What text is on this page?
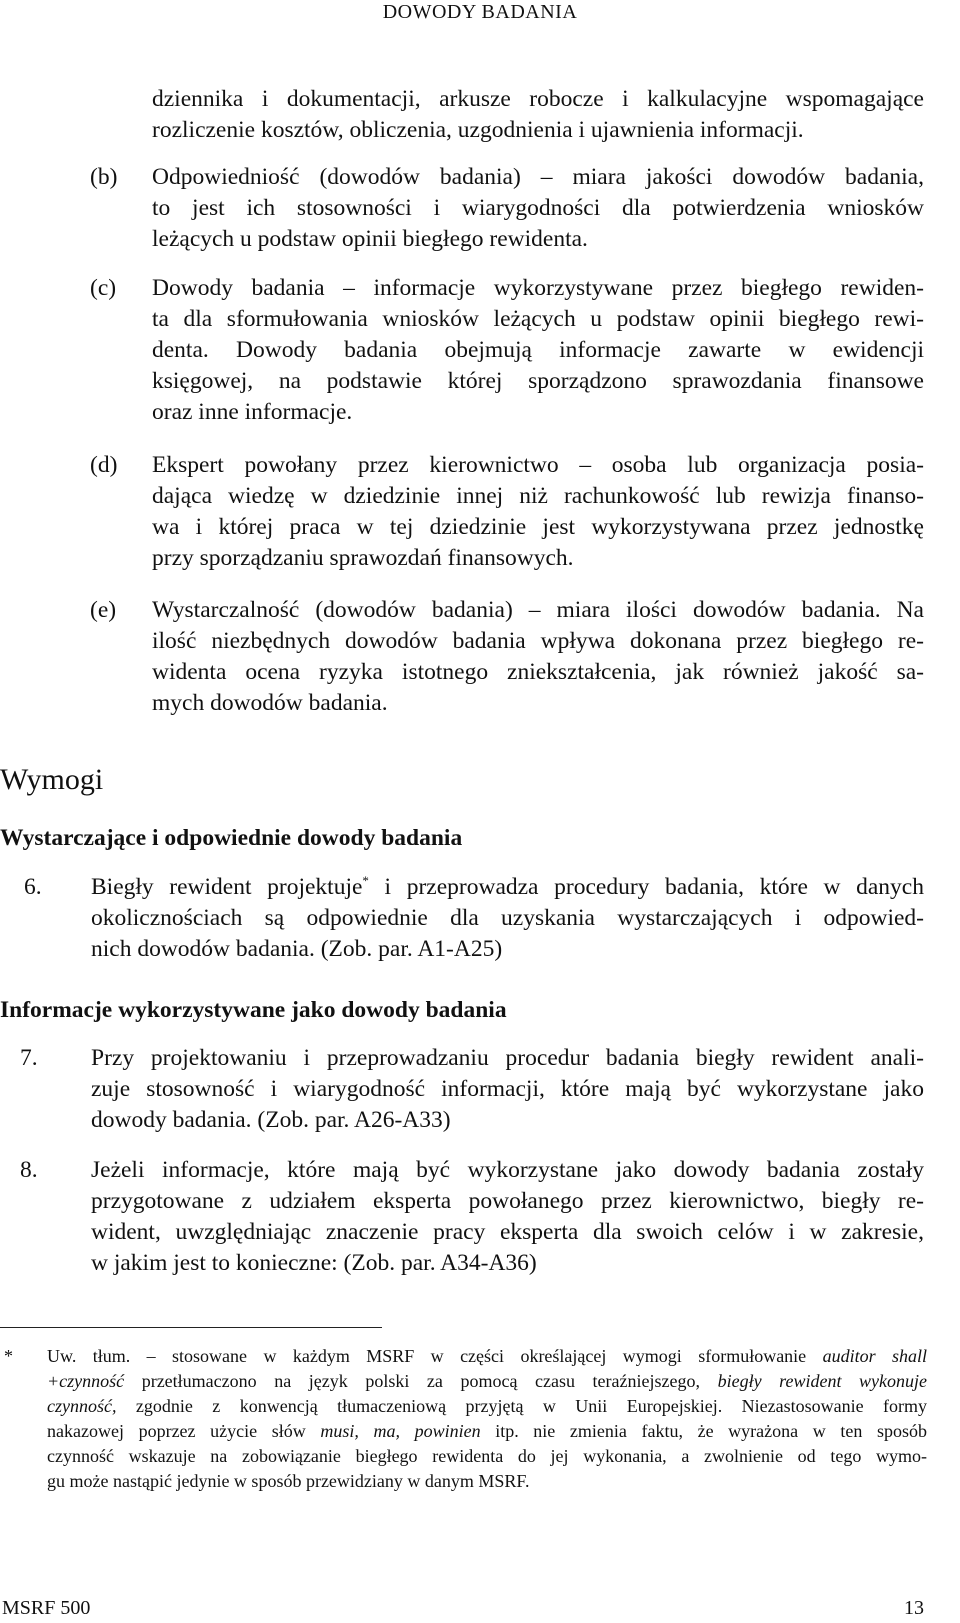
DOWODY BADANIA
dziennika i dokumentacji, arkusze robocze i kalkulacyjne wspomagające
rozliczenie kosztów, obliczenia, uzgodnienia i ujawnienia informacji.
(b) Odpowiedniość (dowodów badania) – miara jakości dowodów badania,
to jest ich stosowności i wiarygodności dla potwierdzenia wniosków
leżących u podstaw opinii biegłego rewidenta.
(c) Dowody badania – informacje wykorzystywane przez biegłego rewiden-
ta dla sformułowania wniosków leżących u podstaw opinii biegłego rewi-
denta. Dowody badania obejmują informacje zawarte w ewidencji
księgowej, na podstawie której sporządzono sprawozdania finansowe
oraz inne informacje.
(d) Ekspert powołany przez kierownictwo – osoba lub organizacja posia-
dająca wiedzę w dziedzinie innej niż rachunkowość lub rewizja finanso-
wa i której praca w tej dziedzinie jest wykorzystywana przez jednostkę
przy sporządzaniu sprawozdań finansowych.
(e) Wystarczalność (dowodów badania) – miara ilości dowodów badania. Na
ilość niezbędnych dowodów badania wpływa dokonana przez biegłego re-
widenta ocena ryzyka istotnego zniekształcenia, jak również jakość sa-
mych dowodów badania.
Wymogi
Wystarczające i odpowiednie dowody badania
6. Biegły rewident projektuje* i przeprowadza procedury badania, które w danych
okolicznościach są odpowiednie dla uzyskania wystarczających i odpowied-
nich dowodów badania. (Zob. par. A1-A25)
Informacje wykorzystywane jako dowody badania
7. Przy projektowaniu i przeprowadzaniu procedur badania biegły rewident anali-
zuje stosowność i wiarygodność informacji, które mają być wykorzystane jako
dowody badania. (Zob. par. A26-A33)
8. Jeżeli informacje, które mają być wykorzystane jako dowody badania zostały
przygotowane z udziałem eksperta powołanego przez kierownictwo, biegły re-
wident, uwzględniając znaczenie pracy eksperta dla swoich celów i w zakresie,
w jakim jest to konieczne: (Zob. par. A34-A36)
* Uw. tłum. – stosowane w każdym MSRF w części określającej wymogi sformułowanie auditor shall
+czynność przetłumaczono na język polski za pomocą czasu teraźniejszego, biegły rewident wykonuje
czynność, zgodnie z konwencją tłumaczeniową przyjętą w Unii Europejskiej. Niezastosowanie formy
nakazowej poprzez użycie słów musi, ma, powinien itp. nie zmienia faktu, że wyrażona w ten sposób
czynność wskazuje na zobowiązanie biegłego rewidenta do jej wykonania, a zwolnienie od tego wymo-
gu może nastąpić jedynie w sposób przewidziany w danym MSRF.
MSRF 500	13
